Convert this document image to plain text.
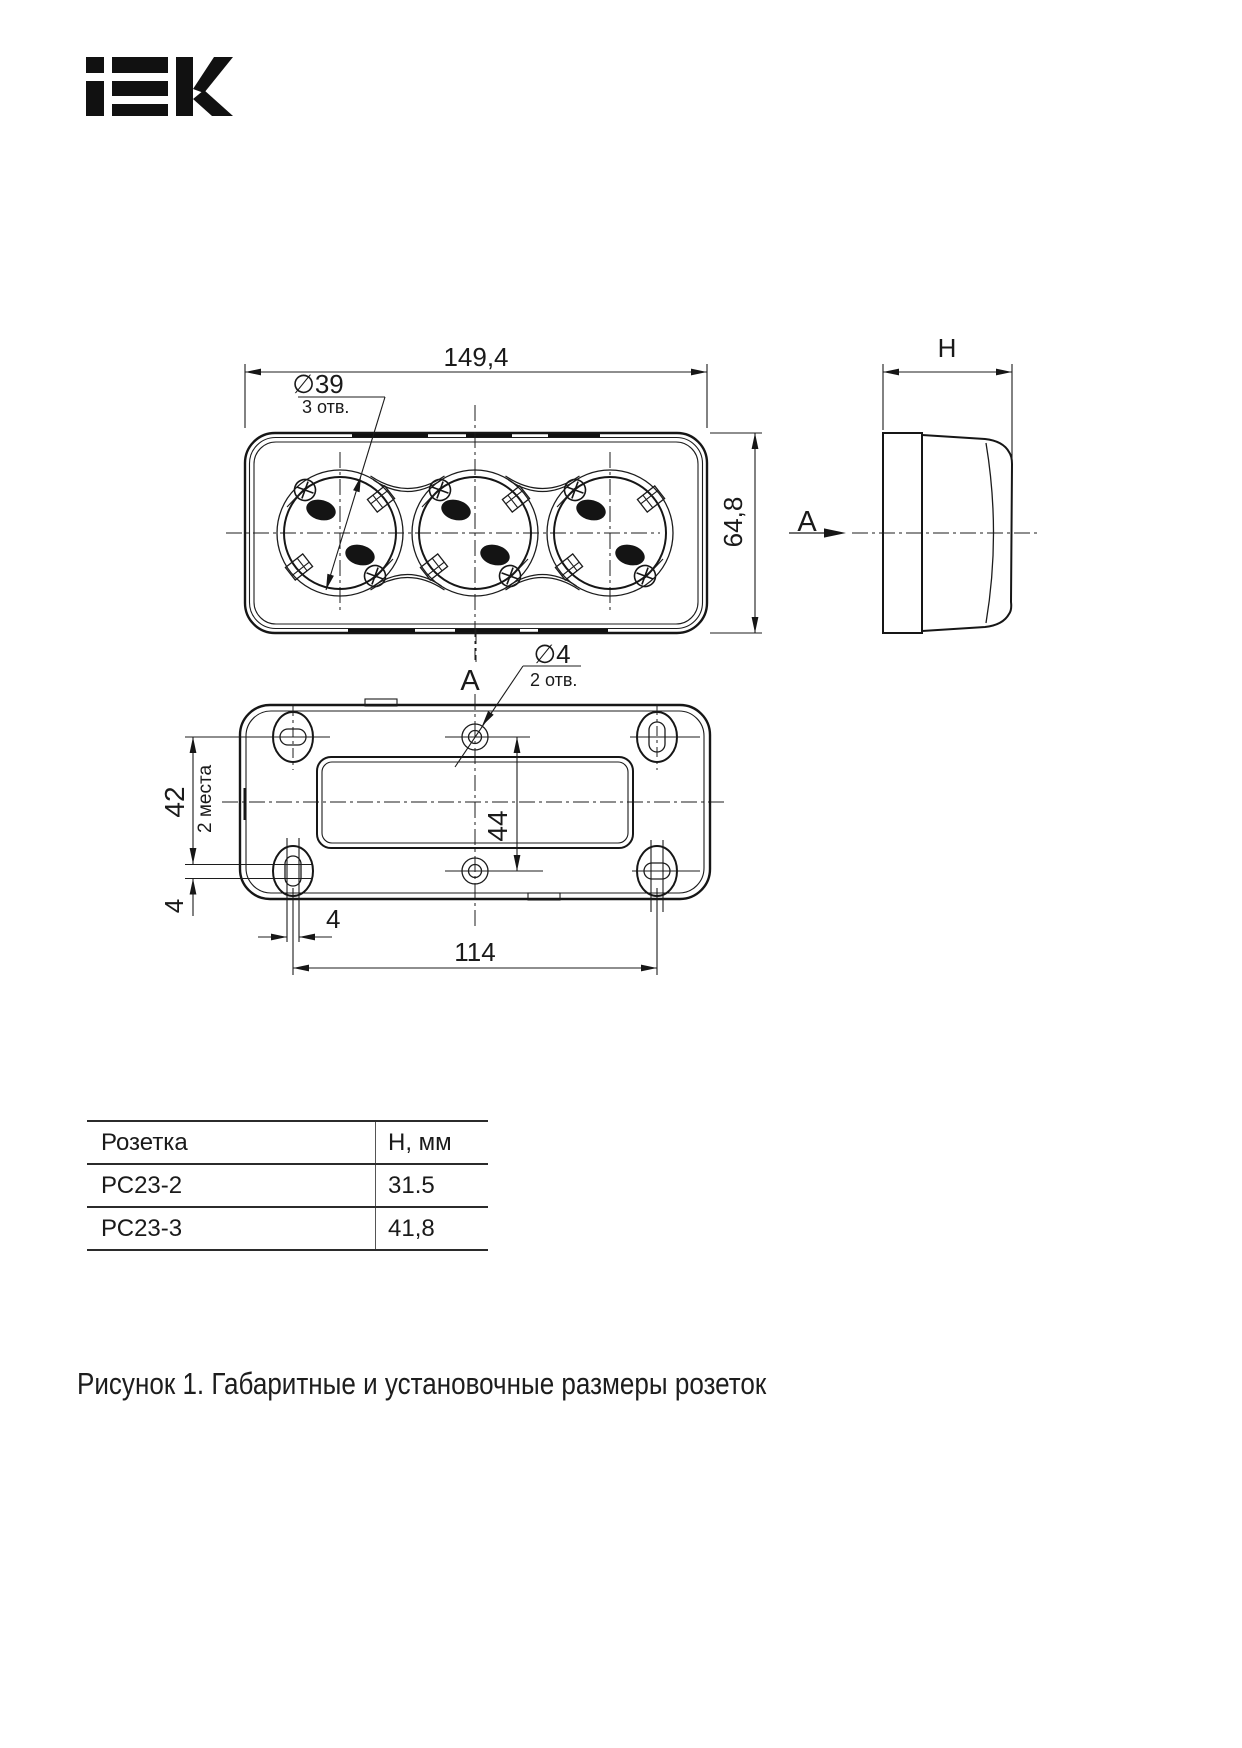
149,4
∅39
3 отв.
64,8 A
H
A
∅4
2 отв.
42 2 места
4
44
4
114
Розетка	Н, мм
РС23-2	31.5
РС23-3	41,8
Рисунок 1. Габаритные и установочные размеры розеток
